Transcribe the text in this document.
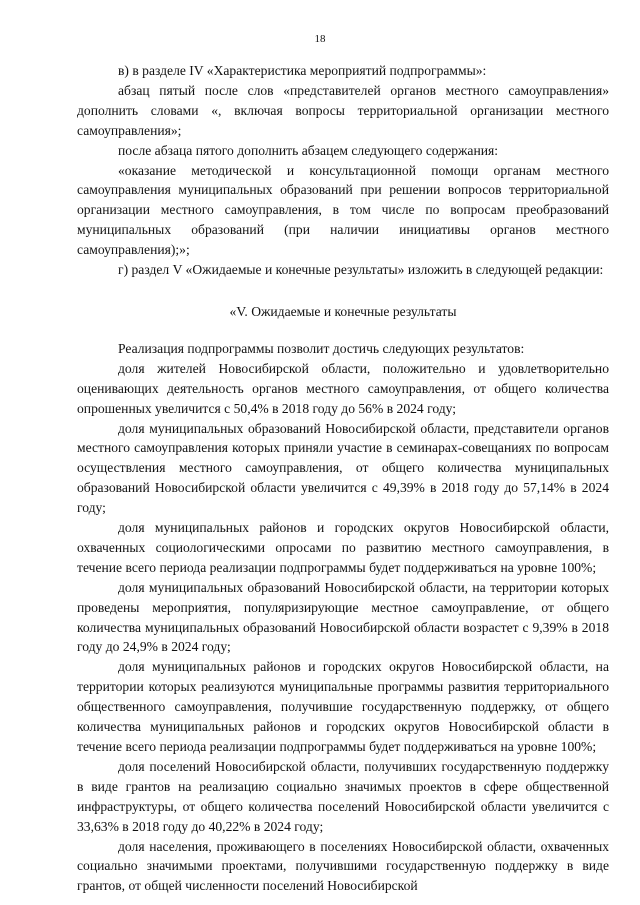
18

в) в разделе IV «Характеристика мероприятий подпрограммы»:

абзац пятый после слов «представителей органов местного самоуправления» дополнить словами «, включая вопросы территориальной организации местного самоуправления»;

после абзаца пятого дополнить абзацем следующего содержания:

«оказание методической и консультационной помощи органам местного самоуправления муниципальных образований при решении вопросов территориальной организации местного самоуправления, в том числе по вопросам преобразований муниципальных образований (при наличии инициативы органов местного самоуправления);»;

г) раздел V «Ожидаемые и конечные результаты» изложить в следующей редакции:

«V. Ожидаемые и конечные результаты

Реализация подпрограммы позволит достичь следующих результатов:

доля жителей Новосибирской области, положительно и удовлетворительно оценивающих деятельность органов местного самоуправления, от общего количества опрошенных увеличится с 50,4% в 2018 году до 56% в 2024 году;

доля муниципальных образований Новосибирской области, представители органов местного самоуправления которых приняли участие в семинарах-совещаниях по вопросам осуществления местного самоуправления, от общего количества муниципальных образований Новосибирской области увеличится с 49,39% в 2018 году до 57,14% в 2024 году;

доля муниципальных районов и городских округов Новосибирской области, охваченных социологическими опросами по развитию местного самоуправления, в течение всего периода реализации подпрограммы будет поддерживаться на уровне 100%;

доля муниципальных образований Новосибирской области, на территории которых проведены мероприятия, популяризирующие местное самоуправление, от общего количества муниципальных образований Новосибирской области возрастет с 9,39% в 2018 году до 24,9% в 2024 году;

доля муниципальных районов и городских округов Новосибирской области, на территории которых реализуются муниципальные программы развития территориального общественного самоуправления, получившие государственную поддержку, от общего количества муниципальных районов и городских округов Новосибирской области в течение всего периода реализации подпрограммы будет поддерживаться на уровне 100%;

доля поселений Новосибирской области, получивших государственную поддержку в виде грантов на реализацию социально значимых проектов в сфере общественной инфраструктуры, от общего количества поселений Новосибирской области увеличится с 33,63% в 2018 году до 40,22% в 2024 году;

доля населения, проживающего в поселениях Новосибирской области, охваченных социально значимыми проектами, получившими государственную поддержку в виде грантов, от общей численности поселений Новосибирской
